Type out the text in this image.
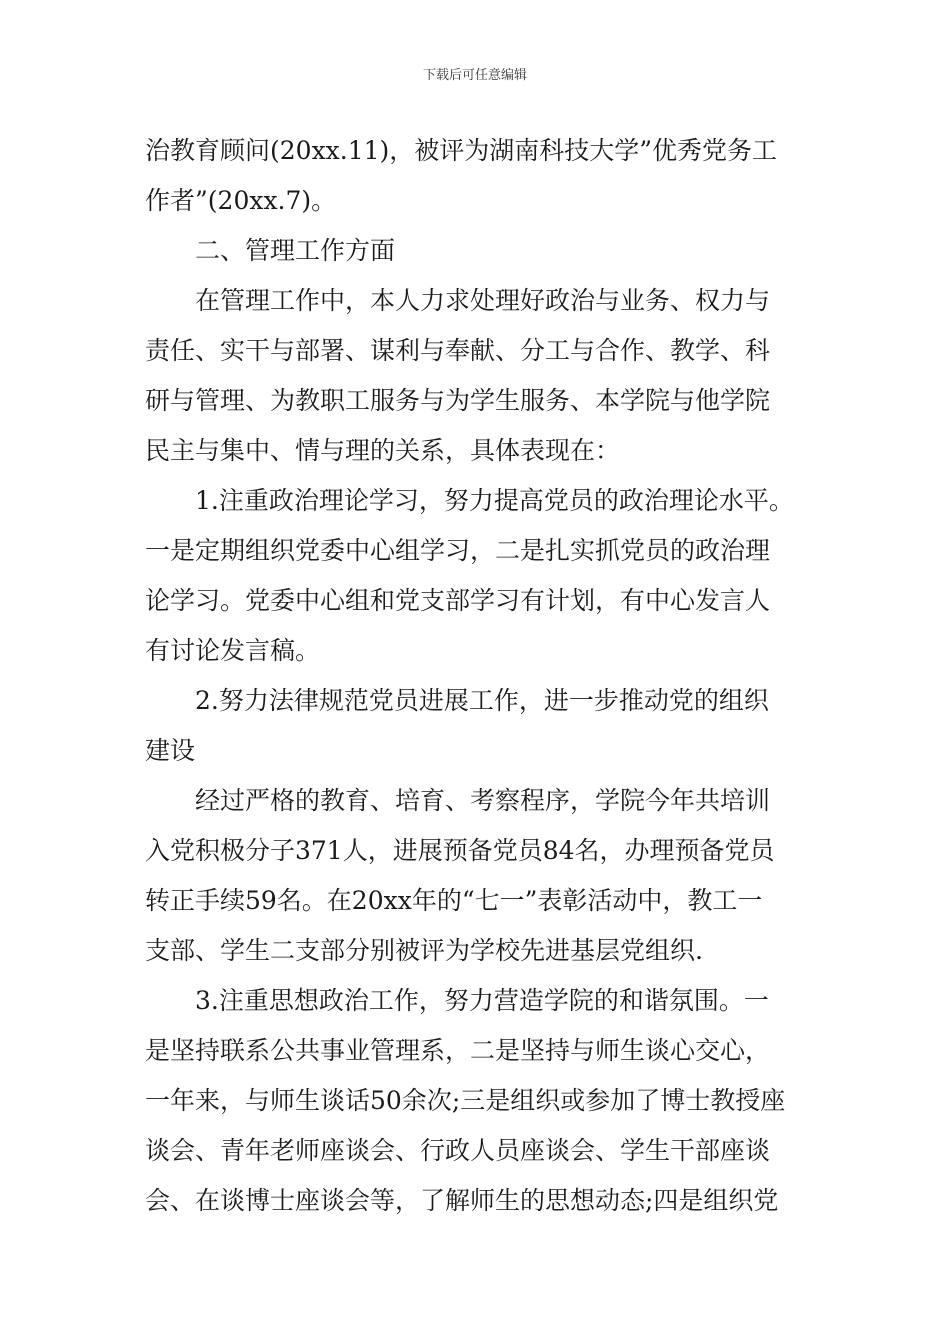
下载后可任意编辑
治教育顾问(20xx.11)，被评为湖南科技大学”优秀党务工
作者”(20xx.7)。
二、管理工作方面
在管理工作中，本人力求处理好政治与业务、权力与
责任、实干与部署、谋利与奉献、分工与合作、教学、科
研与管理、为教职工服务与为学生服务、本学院与他学院
民主与集中、情与理的关系，具体表现在：
1.注重政治理论学习，努力提高党员的政治理论水平。
一是定期组织党委中心组学习，二是扎实抓党员的政治理
论学习。党委中心组和党支部学习有计划，有中心发言人
有讨论发言稿。
2.努力法律规范党员进展工作，进一步推动党的组织
建设
经过严格的教育、培育、考察程序，学院今年共培训
入党积极分子371人，进展预备党员84名，办理预备党员
转正手续59名。在20xx年的“七一”表彰活动中，教工一
支部、学生二支部分别被评为学校先进基层党组织.
3.注重思想政治工作，努力营造学院的和谐氛围。一
是坚持联系公共事业管理系，二是坚持与师生谈心交心，
一年来，与师生谈话50余次;三是组织或参加了博士教授座
谈会、青年老师座谈会、行政人员座谈会、学生干部座谈
会、在谈博士座谈会等，了解师生的思想动态;四是组织党
